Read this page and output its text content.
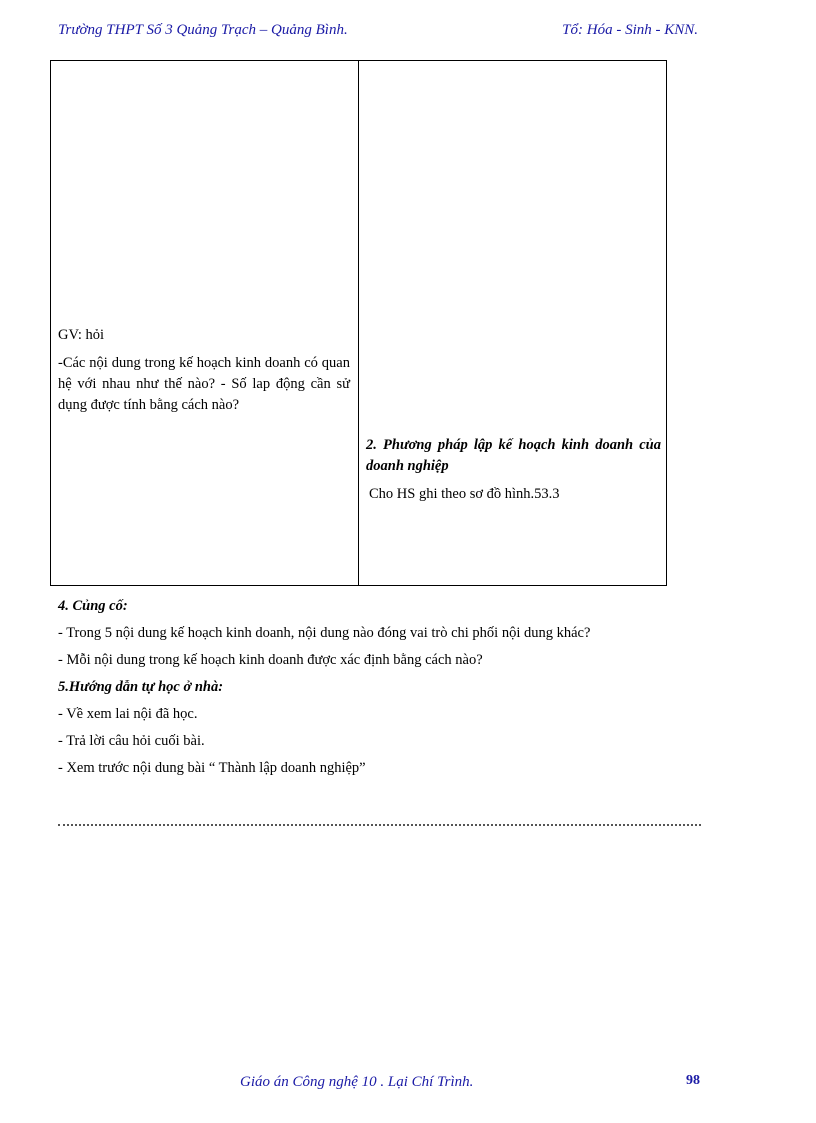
Trường THPT Số 3 Quảng Trạch – Quảng Bình.	Tổ: Hóa - Sinh - KNN.

GV: hỏi

-Các nội dung trong kế hoạch kinh doanh có quan hệ với nhau như thế nào? - Số lap động cần sử dụng được tính bằng cách nào?

2. Phương pháp lập kế hoạch kinh doanh của doanh nghiệp

Cho HS ghi theo sơ đồ hình.53.3

4. Củng cố:

- Trong 5 nội dung kế hoạch kinh doanh, nội dung nào đóng vai trò chi phối nội dung khác?

- Mỗi nội dung trong kế hoạch kinh doanh được xác định bằng cách nào?

5.Hướng dẫn tự học ở nhà:

- Về xem lai nội đã học.

- Trả lời câu hỏi cuối bài.

- Xem trước nội dung bài “ Thành lập doanh nghiệp”

Giáo án Công nghệ 10 . Lại Chí Trình.	98
